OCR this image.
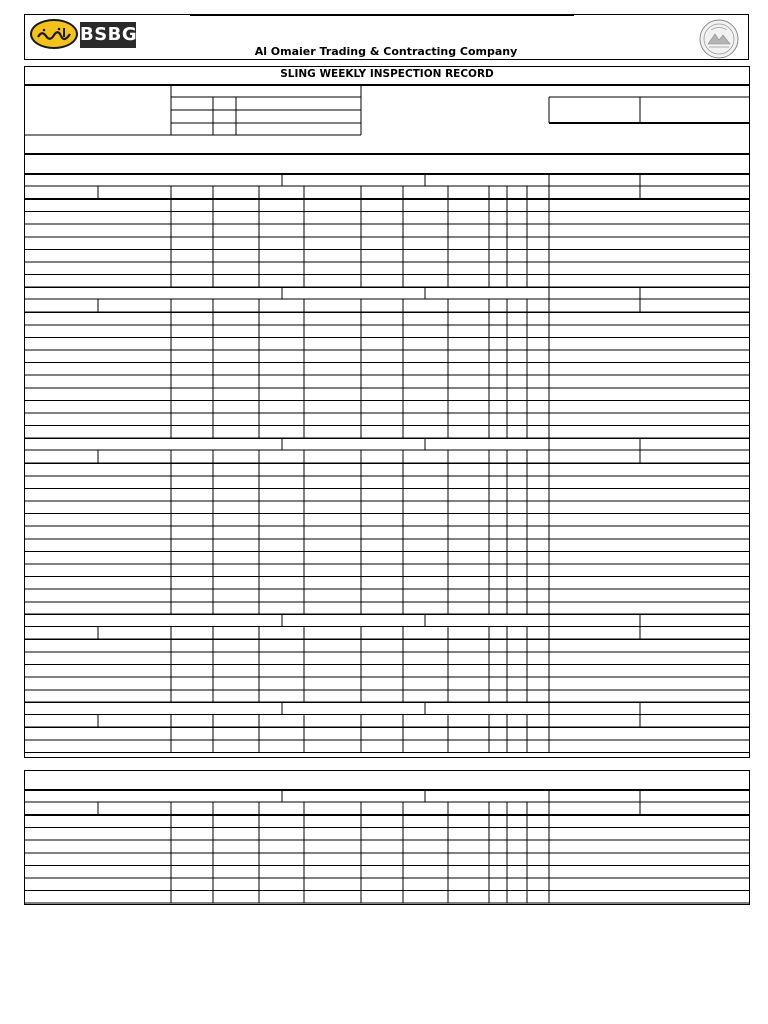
BSBG
Al Omaier Trading & Contracting Company
SLING WEEKLY INSPECTION RECORD
